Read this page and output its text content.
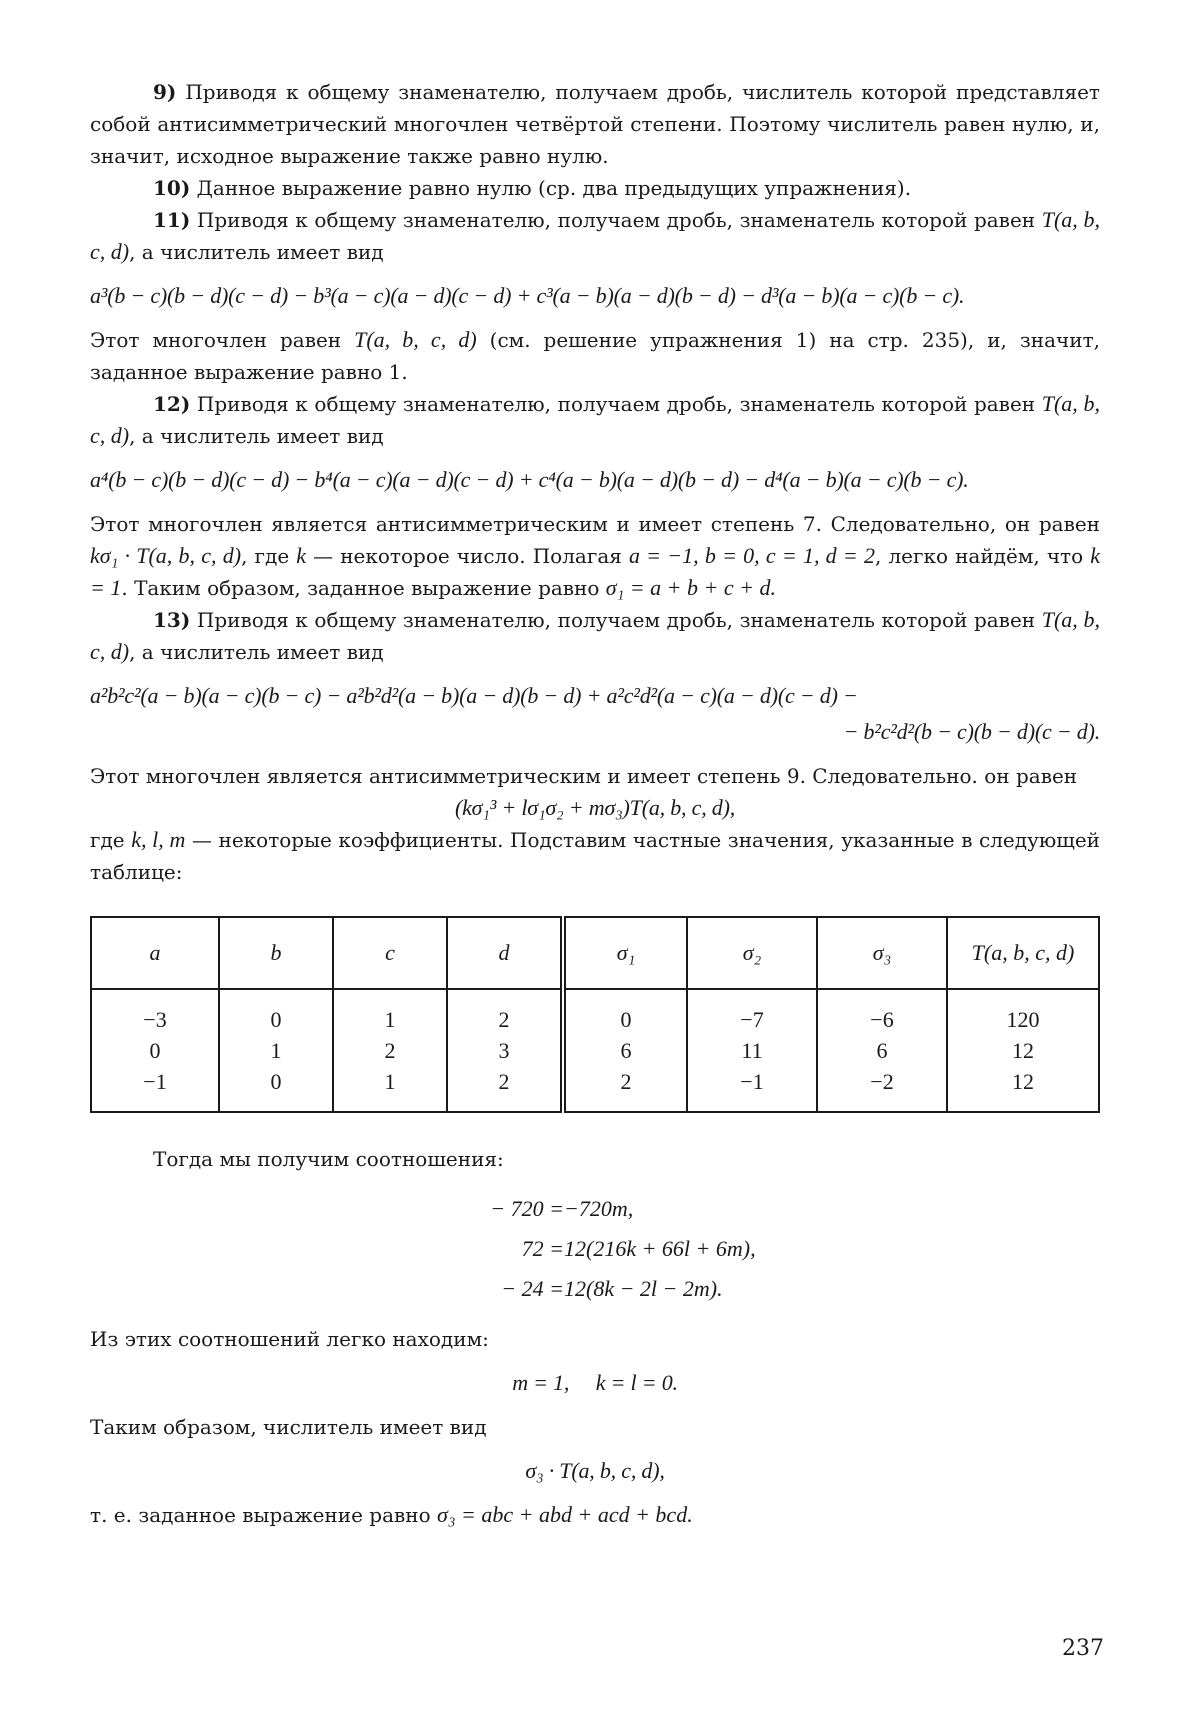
9) Приводя к общему знаменателю, получаем дробь, числитель которой представляет собой антисимметрический многочлен четвёртой степени. Поэтому числитель равен нулю, и, значит, исходное выражение также равно нулю.

10) Данное выражение равно нулю (ср. два предыдущих упражнения).

11) Приводя к общему знаменателю, получаем дробь, знаменатель которой равен T(a, b, c, d), а числитель имеет вид

a³(b − c)(b − d)(c − d) − b³(a − c)(a − d)(c − d) + c³(a − b)(a − d)(b − d) − d³(a − b)(a − c)(b − c).

Этот многочлен равен T(a, b, c, d) (см. решение упражнения 1) на стр. 235), и, значит, заданное выражение равно 1.

12) Приводя к общему знаменателю, получаем дробь, знаменатель которой равен T(a, b, c, d), а числитель имеет вид

a⁴(b − c)(b − d)(c − d) − b⁴(a − c)(a − d)(c − d) + c⁴(a − b)(a − d)(b − d) − d⁴(a − b)(a − c)(b − c).

Этот многочлен является антисимметрическим и имеет степень 7. Следовательно, он равен kσ₁ · T(a, b, c, d), где k — некоторое число. Полагая a = −1, b = 0, c = 1, d = 2, легко найдём, что k = 1. Таким образом, заданное выражение равно σ₁ = a + b + c + d.

13) Приводя к общему знаменателю, получаем дробь, знаменатель которой равен T(a, b, c, d), а числитель имеет вид

a²b²c²(a − b)(a − c)(b − c) − a²b²d²(a − b)(a − d)(b − d) + a²c²d²(a − c)(a − d)(c − d) −
− b²c²d²(b − c)(b − d)(c − d).

Этот многочлен является антисимметрическим и имеет степень 9. Следовательно. он равен

(kσ₁³ + lσ₁σ₂ + mσ₃)T(a, b, c, d),

где k, l, m — некоторые коэффициенты. Подставим частные значения, указанные в следующей таблице:

a	b	c	d	σ₁	σ₂	σ₃	T(a, b, c, d)

−3
0
−1

0
1
0

1
2
1

2
3
2

0
6
2

−7
11
−1

−6
6
−2

120
12
12

Тогда мы получим соотношения:

− 720 = −720m,
72 = 12(216k + 66l + 6m),
− 24 = 12(8k − 2l − 2m).

Из этих соотношений легко находим:

m = 1,     k = l = 0.

Таким образом, числитель имеет вид

σ₃ · T(a, b, c, d),

т. е. заданное выражение равно σ₃ = abc + abd + acd + bcd.

237
